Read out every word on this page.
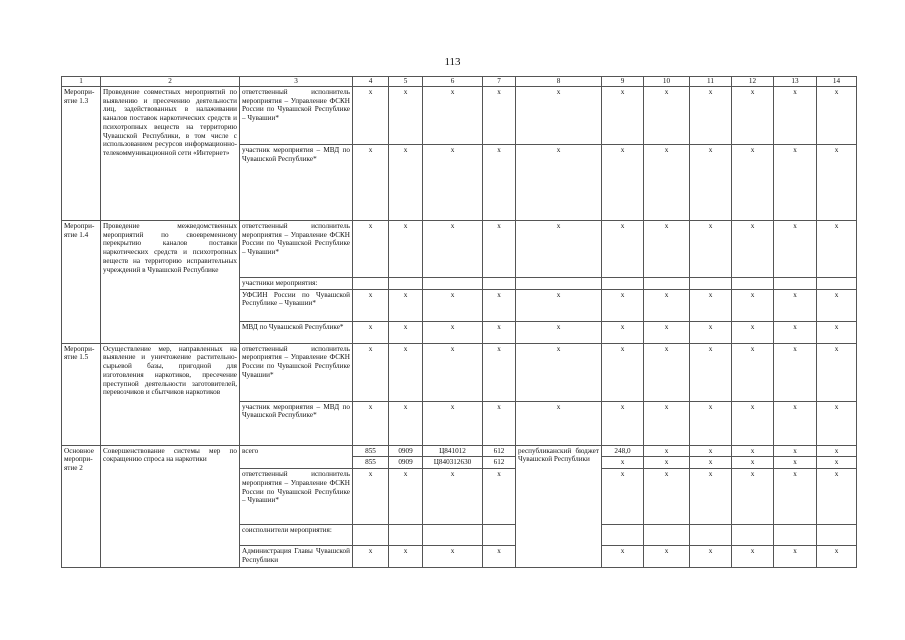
113
1	2	3	4	5	6	7	8	9	10	11	12	13	14

Меропри-
ятие 1.3	Проведение совместных мероприятий по выявлению и пресечению деятельности лиц, задействованных в налаживании каналов поставок наркотических средств и психотропных веществ на территорию Чувашской Республики, в том числе с использованием ресурсов информационно-телекоммуникационной сети «Интернет»	ответственный исполнитель мероприятия – Управление ФСКН России по Чувашской Республике – Чувашии*	x	x	x	x	x	x	x	x	x	x	x
		участник мероприятия – МВД по Чувашской Республике*	x	x	x	x	x	x	x	x	x	x	x

Меропри-
ятие 1.4	Проведение межведомственных мероприятий по своевременному перекрытию каналов поставки наркотических средств и психотропных веществ на территорию исправительных учреждений в Чувашской Республике	ответственный исполнитель мероприятия – Управление ФСКН России по Чувашской Республике – Чувашии*	x	x	x	x	x	x	x	x	x	x	x
		участники мероприятия:											
		УФСИН России по Чувашской Республике – Чувашии*	x	x	x	x	x	x	x	x	x	x	x
		МВД по Чувашской Республике*	x	x	x	x	x	x	x	x	x	x	x

Меропри-
ятие 1.5	Осуществление мер, направленных на выявление и уничтожение растительно-сырьевой базы, пригодной для изготовления наркотиков, пресечение преступной деятельности заготовителей, перевозчиков и сбытчиков наркотиков	ответственный исполнитель мероприятия – Управление ФСКН России по Чувашской Республике Чувашии*	x	x	x	x	x	x	x	x	x	x	x
		участник мероприятия – МВД по Чувашской Республике*	x	x	x	x	x	x	x	x	x	x	x

Основное
меропри-
ятие 2	Совершенствование системы мер по сокращению спроса на наркотики	всего	855	0909	Ц841012	612	республиканский бюджет Чувашской Республики	248,0	x	x	x	x	x
			855	0909	Ц840312630	612		x	x	x	x	x	x
		ответственный исполнитель мероприятия – Управление ФСКН России по Чувашской Республике – Чувашии*	x	x	x	x		x	x	x	x	x	x
		соисполнители мероприятия:											
		Администрация Главы Чувашской Республики	x	x	x	x		x	x	x	x	x	x
